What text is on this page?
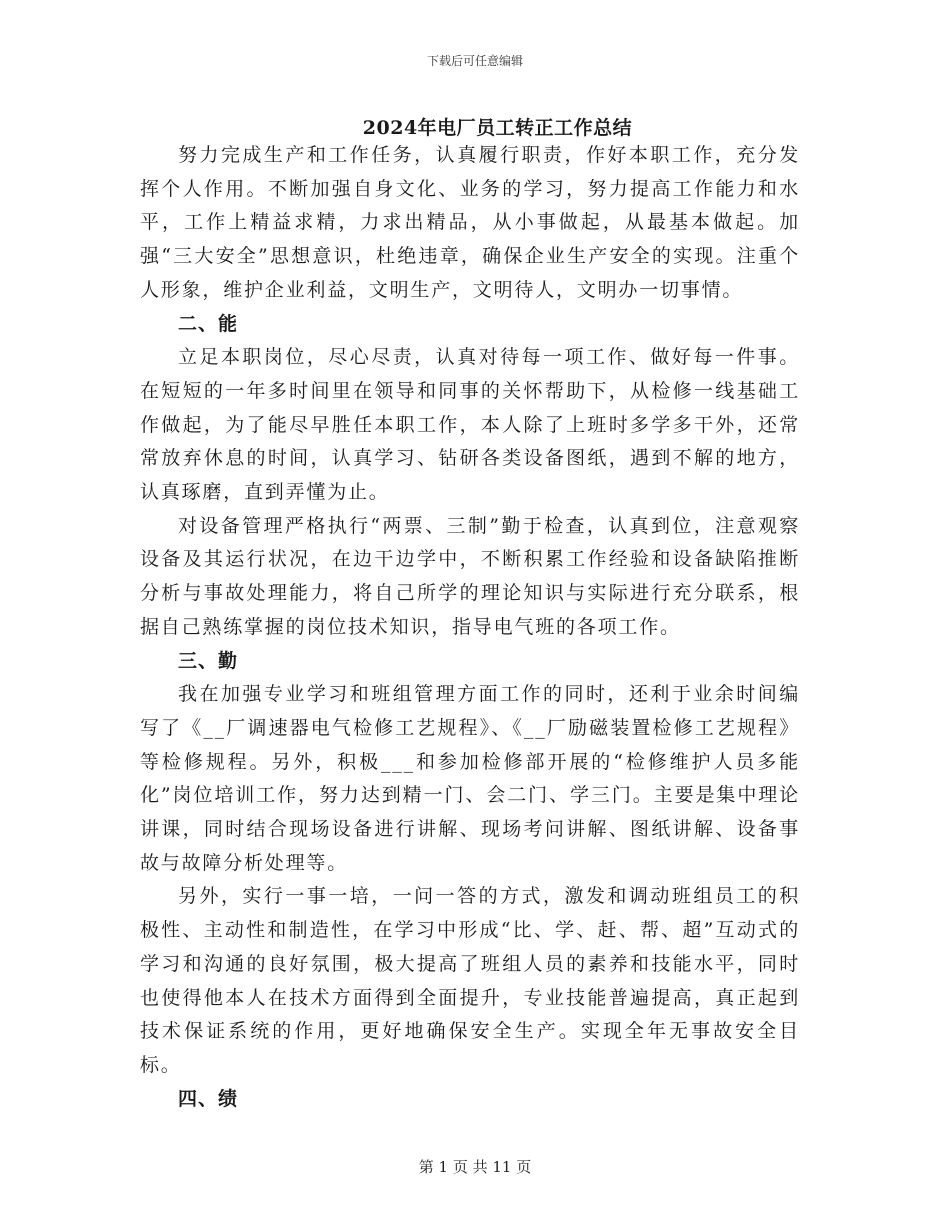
下载后可任意编辑
2024年电厂员工转正工作总结

努力完成生产和工作任务，认真履行职责，作好本职工作，充分发挥个人作用。不断加强自身文化、业务的学习，努力提高工作能力和水平，工作上精益求精，力求出精品，从小事做起，从最基本做起。加强“三大安全”思想意识，杜绝违章，确保企业生产安全的实现。注重个人形象，维护企业利益，文明生产，文明待人，文明办一切事情。

二、能

立足本职岗位，尽心尽责，认真对待每一项工作、做好每一件事。在短短的一年多时间里在领导和同事的关怀帮助下，从检修一线基础工作做起，为了能尽早胜任本职工作，本人除了上班时多学多干外，还常常放弃休息的时间，认真学习、钻研各类设备图纸，遇到不解的地方，认真琢磨，直到弄懂为止。

对设备管理严格执行“两票、三制”勤于检查，认真到位，注意观察设备及其运行状况，在边干边学中，不断积累工作经验和设备缺陷推断分析与事故处理能力，将自己所学的理论知识与实际进行充分联系，根据自己熟练掌握的岗位技术知识，指导电气班的各项工作。

三、勤

我在加强专业学习和班组管理方面工作的同时，还利于业余时间编写了《__厂调速器电气检修工艺规程》、《__厂励磁装置检修工艺规程》等检修规程。另外，积极___和参加检修部开展的“检修维护人员多能化”岗位培训工作，努力达到精一门、会二门、学三门。主要是集中理论讲课，同时结合现场设备进行讲解、现场考问讲解、图纸讲解、设备事故与故障分析处理等。

另外，实行一事一培，一问一答的方式，激发和调动班组员工的积极性、主动性和制造性，在学习中形成“比、学、赶、帮、超”互动式的学习和沟通的良好氛围，极大提高了班组人员的素养和技能水平，同时也使得他本人在技术方面得到全面提升，专业技能普遍提高，真正起到技术保证系统的作用，更好地确保安全生产。实现全年无事故安全目标。

四、绩
第 1 页 共 11 页
